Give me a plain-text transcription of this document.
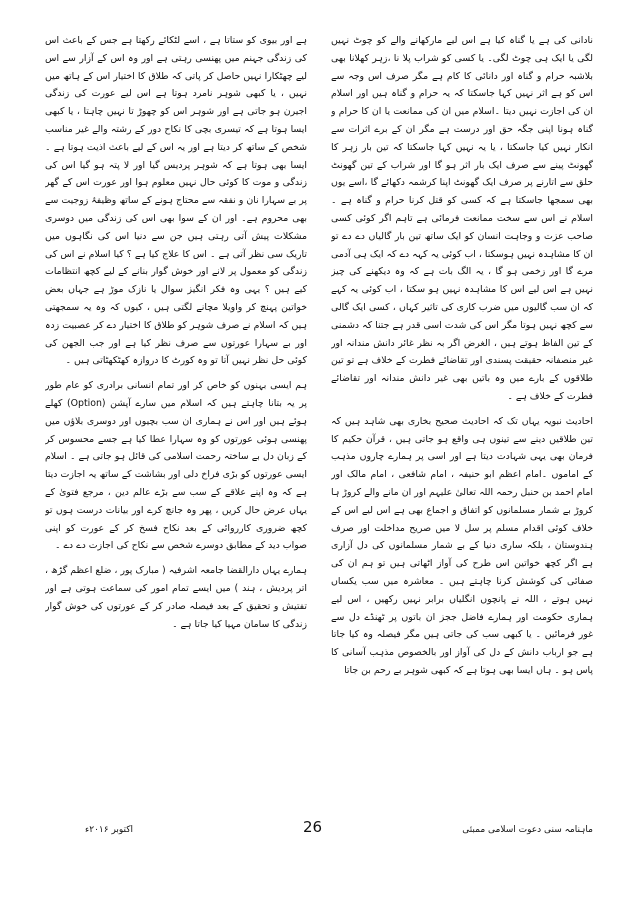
نادانی کی ہے یا گناہ کیا ہے اس لیے مارکھانے والے کو چوٹ نہیں لگی یا ایک ہی چوٹ لگی۔ یا کسی کو شراب پلا نا ،زہر کھلانا بھی بلاشبہ حرام و گناہ اور دانائی کا کام ہے مگر صرف اس وجہ سے اس کو ہے اثر نہیں کہا جاسکتا کہ یہ حرام و گناہ ہیں اور اسلام ان کی اجازت نہیں دیتا ۔اسلام میں ان کی ممانعت یا ان کا حرام و گناہ ہونا اپنی جگہ حق اور درست ہے مگر ان کے برے اثرات سے انکار نہیں کیا جاسکتا ، یا یہ نہیں کہا جاسکتا کہ تین بار زہر کا گھونٹ پینے سے صرف ایک بار اثر ہو گا اور شراب کے تین گھونٹ حلق سے اتارنے پر صرف ایک گھونٹ اپنا کرشمہ دکھائے گا ،اسے یوں بھی سمجھا جاسکتا ہے کہ کسی کو قتل کرنا حرام و گناہ ہے ۔اسلام نے اس سے سخت ممانعت فرمائی ہے تاہم اگر کوئی کسی صاحب عزت و وجاہت انسان کو ایک ساتھ تین بار گالیاں دے دے تو ان کا مشاہدہ نہیں ہوسکتا ، اب کوئی یہ کہہ دے کہ ایک ہی آدمی مرے گا اور زخمی ہو گا ، یہ الگ بات ہے کہ وہ دیکھنے کی چیز نہیں ہے اس لیے اس کا مشاہدہ نہیں ہو سکتا ، اب کوئی یہ کہے کہ ان سب گالیوں میں ضرب کاری کی تاثیر کہاں ، کسی ایک گالی سے کچھ نہیں ہوتا مگر اس کی شدت اسی قدر ہے جتنا کہ دشمنی کے تین الفاظ ہوتے ہیں ، الغرض اگر بہ نظر غائر دانش مندانہ اور غیر منصفانہ حقیقت پسندی اور تقاضائے فطرت کے خلاف ہے تو تین طلاقوں کے بارے میں وہ باتیں بھی غیر دانش مندانہ اور تقاضائے فطرت کے خلاف ہے ۔

احادیث نبویہ یہاں تک کہ احادیث صحیح بخاری بھی شاہد ہیں کہ تین طلاقیں دینے سے تینوں ہی واقع ہو جاتی ہیں ، قرآن حکیم کا فرمان بھی یہی شہادت دیتا ہے اور اسی پر ہمارے چاروں مذہب کے اماموں ۔امام اعظم ابو حنیفہ ، امام شافعی ، امام مالک اور امام احمد بن حنبل رحمہ اللہ تعالیٰ علیہم اور ان مانے والے کروڑ ہا کروڑ بے شمار مسلمانوں کو اتفاق و اجماع بھی ہے اس لیے اس کے خلاف کوئی اقدام مسلم پر سل لا میں صریح مداخلت اور صرف ہندوستان ، بلکہ ساری دنیا کے بے شمار مسلمانوں کی دل آزاری ہے اگر کچھ خواتین اس طرح کی آواز اٹھاتی ہیں تو ہم ان کی صفائی کی کوشش کرنا چاہتے ہیں ۔ معاشرہ میں سب یکساں نہیں ہوتے ، اللہ نے پانچوں انگلیاں برابر نہیں رکھیں ، اس لیے ہماری حکومت اور ہمارے فاضل ججز ان باتوں پر ٹھنڈے دل سے غور فرمائیں ۔ یا کبھی سب کی جاتی ہیں مگر فیصلہ وہ کیا جاتا ہے جو ارباب دانش کے دل کی آواز اور بالخصوص مذہب آسانی کا پاس ہو ۔ ہاں ایسا بھی ہوتا ہے کہ کبھی شوہر بے رحم بن جاتا

ہے اور بیوی کو ستاتا ہے ، اسے لٹکائے رکھتا ہے جس کے باعث اس کی زندگی جہنم میں پھنسی رہتی ہے اور وہ اس کے آزار سے اس لیے چھٹکارا نہیں حاصل کر پاتی کہ طلاق کا اختیار اس کے ہاتھ میں نہیں ، یا کبھی شوہر نامرد ہوتا ہے اس لیے عورت کی زندگی اجیرن ہو جاتی ہے اور شوہر اس کو چھوڑ تا نہیں چاہتا ، یا کبھی ایسا ہوتا ہے کہ تیسری بچی کا نکاح دور کے رشتہ والے غیر مناسب شخص کے ساتھ کر دیتا ہے اور یہ اس کے لیے باعث اذیت ہوتا ہے ۔ ایسا بھی ہوتا ہے کہ شوہر پردیس گیا اور لا پتہ ہو گیا اس کی زندگی و موت کا کوئی حال نہیں معلوم ہوا اور عورت اس کے گھر پر بے سہارا نان و نفقہ سے محتاج ہونے کے ساتھ وظیفۂ زوجیت سے بھی محروم ہے۔ اور ان کے سوا بھی اس کی زندگی میں دوسری مشکلات پیش آتی رہتی ہیں جن سے دنیا اس کی نگاہوں میں تاریک سی نظر آتی ہے ۔ اس کا علاج کیا ہے ؟ کیا اسلام نے اس کی زندگی کو معمول پر لانے اور خوش گوار بنانے کے لیے کچھ انتظامات کیے ہیں ؟ یہی وہ فکر انگیز سوال یا نازک موڑ ہے جہاں بعض خواتین پہنچ کر واویلا مچانے لگتی ہیں ، کیوں کہ وہ یہ سمجھتی ہیں کہ اسلام نے صرف شوہر کو طلاق کا اختیار دے کر عصبیت زدہ اور بے سہارا عورتوں سے صرف نظر کیا ہے اور جب الجھن کی کوئی حل نظر نہیں آتا تو وہ کورٹ کا دروازہ کھٹکھٹاتی ہیں ۔

ہم ایسی بہنوں کو خاص کر اور تمام انسانی برادری کو عام طور پر یہ بتانا چاہتے ہیں کہ اسلام میں سارے آپشن (Option) کھلے ہوئے ہیں اور اس نے ہماری ان سب بچیوں اور دوسری بلاؤں میں پھنسی ہوئی عورتوں کو وہ سہارا عطا کیا ہے جسے محسوس کر کے زبان دل بے ساختہ رحمت اسلامی کی قائل ہو جاتی ہے ۔ اسلام ایسی عورتوں کو بڑی فراخ دلی اور بشاشت کے ساتھ یہ اجازت دیتا ہے کہ وہ اپنے علاقے کے سب سے بڑے عالم دین ، مرجع فتویٰ کے یہاں عرض حال کریں ، پھر وہ جانچ کرے اور بیانات درست ہوں تو کچھ ضروری کارروائی کے بعد نکاح فسخ کر کے عورت کو اپنی صواب دید کے مطابق دوسرے شخص سے نکاح کی اجازت دے دے ۔

ہمارے یہاں دارالقضا جامعہ اشرفیہ ( مبارک پور ، ضلع اعظم گڑھ ، اتر پردیش ، ہند ) میں ایسے تمام امور کی سماعت ہوتی ہے اور تفتیش و تحقیق کے بعد فیصلہ صادر کر کے عورتوں کی خوش گوار زندگی کا سامان مہیا کیا جاتا ہے ۔

ماہنامہ سنی دعوت اسلامی ممبئی
26
اکتوبر ۲۰۱۶ء
